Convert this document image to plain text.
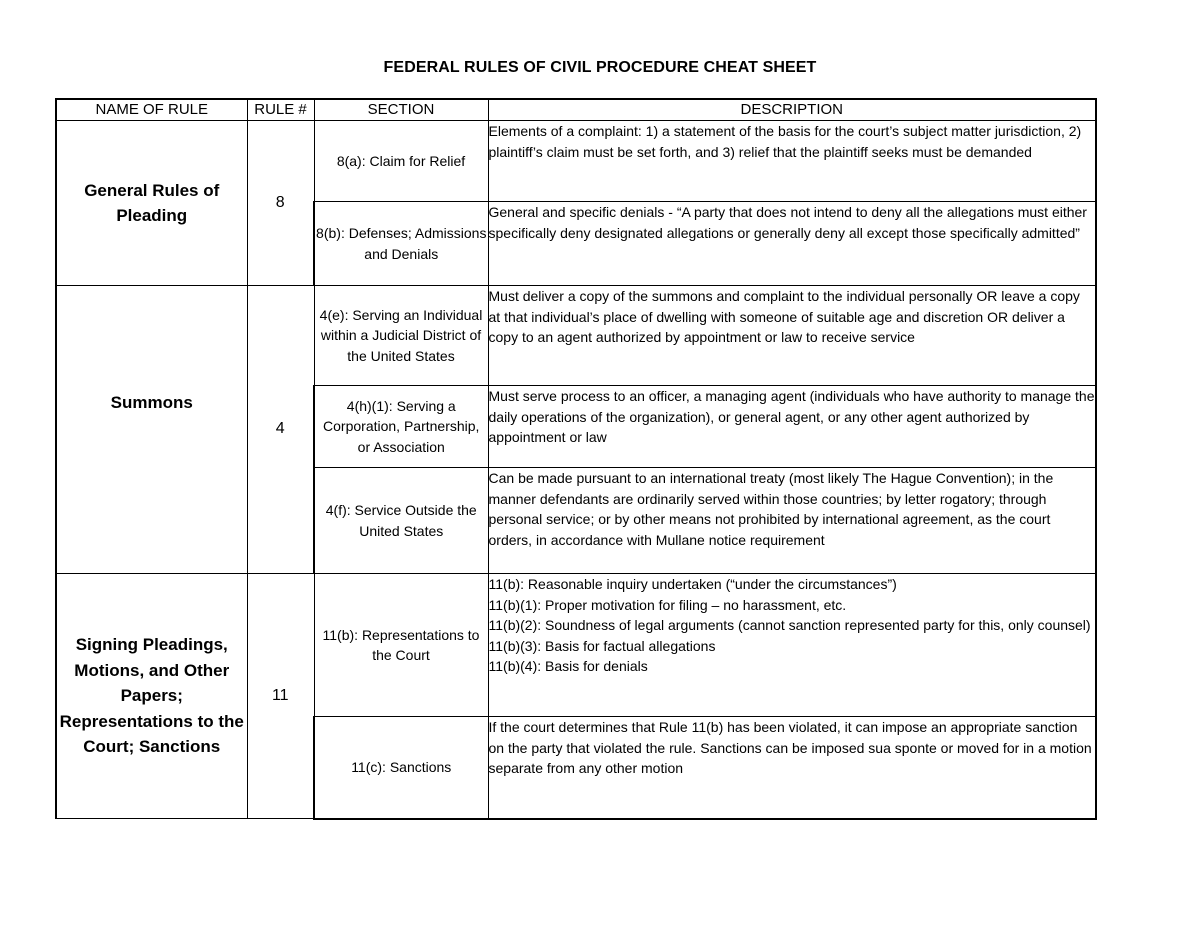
FEDERAL RULES OF CIVIL PROCEDURE CHEAT SHEET
NAME OF RULE	RULE #	SECTION	DESCRIPTION
General Rules of Pleading	8	8(a): Claim for Relief	Elements of a complaint: 1) a statement of the basis for the court’s subject matter jurisdiction, 2) plaintiff’s claim must be set forth, and 3) relief that the plaintiff seeks must be demanded

		8(b): Defenses; Admissions and Denials	General and specific denials - “A party that does not intend to deny all the allegations must either specifically deny designated allegations or generally deny all except those specifically admitted”

Summons	4	4(e): Serving an Individual within a Judicial District of the United States	Must deliver a copy of the summons and complaint to the individual personally OR leave a copy at that individual’s place of dwelling with someone of suitable age and discretion OR deliver a copy to an agent authorized by appointment or law to receive service

		4(h)(1): Serving a Corporation, Partnership, or Association	Must serve process to an officer, a managing agent (individuals who have authority to manage the daily operations of the organization), or general agent, or any other agent authorized by appointment or law

		4(f): Service Outside the United States	Can be made pursuant to an international treaty (most likely The Hague Convention); in the manner defendants are ordinarily served within those countries; by letter rogatory; through personal service; or by other means not prohibited by international agreement, as the court orders, in accordance with Mullane notice requirement

Signing Pleadings, Motions, and Other Papers; Representations to the Court; Sanctions	11	11(b): Representations to the Court	11(b): Reasonable inquiry undertaken (“under the circumstances”)
11(b)(1): Proper motivation for filing – no harassment, etc.
11(b)(2): Soundness of legal arguments (cannot sanction represented party for this, only counsel)
11(b)(3): Basis for factual allegations
11(b)(4): Basis for denials

		11(c): Sanctions	If the court determines that Rule 11(b) has been violated, it can impose an appropriate sanction on the party that violated the rule. Sanctions can be imposed sua sponte or moved for in a motion separate from any other motion
